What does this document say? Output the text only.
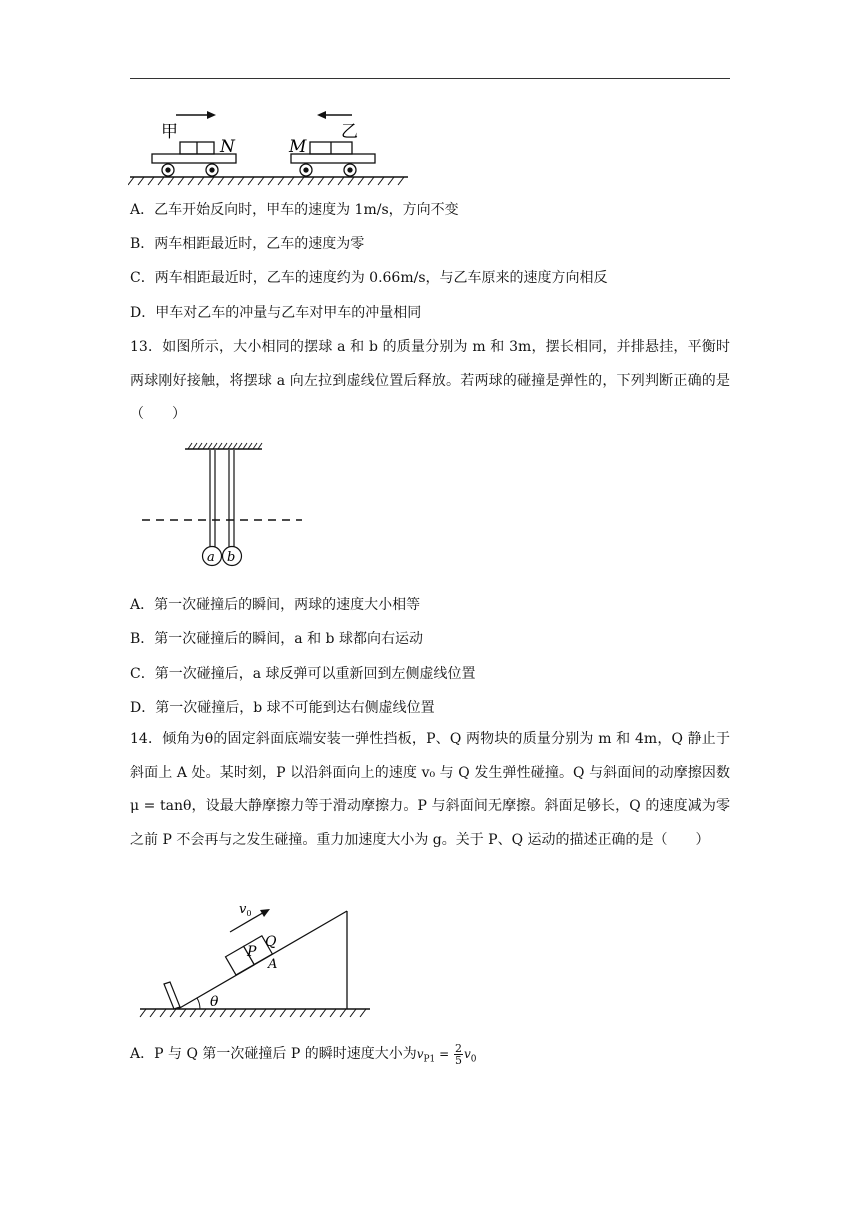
甲
N	M
乙
A．乙车开始反向时，甲车的速度为 1m/s，方向不变
B．两车相距最近时，乙车的速度为零
C．两车相距最近时，乙车的速度约为 0.66m/s，与乙车原来的速度方向相反
D．甲车对乙车的冲量与乙车对甲车的冲量相同
13．如图所示，大小相同的摆球 a 和 b 的质量分别为 m 和 3m，摆长相同，并排悬挂，平衡时两球刚好接触，将摆球 a 向左拉到虚线位置后释放。若两球的碰撞是弹性的，下列判断正确的是（　　）
a b
A．第一次碰撞后的瞬间，两球的速度大小相等
B．第一次碰撞后的瞬间，a 和 b 球都向右运动
C．第一次碰撞后，a 球反弹可以重新回到左侧虚线位置
D．第一次碰撞后，b 球不可能到达右侧虚线位置
14．倾角为θ的固定斜面底端安装一弹性挡板，P、Q 两物块的质量分别为 m 和 4m，Q 静止于斜面上 A 处。某时刻，P 以沿斜面向上的速度 v₀ 与 Q 发生弹性碰撞。Q 与斜面间的动摩擦因数 μ = tanθ，设最大静摩擦力等于滑动摩擦力。P 与斜面间无摩擦。斜面足够长，Q 的速度减为零之前 P 不会再与之发生碰撞。重力加速度大小为 g。关于 P、Q 运动的描述正确的是（　　）
θ
P
Q
A
$v_0$
A．P 与 Q 第一次碰撞后 P 的瞬时速度大小为$v_{P1} = \frac{2}{5} v_0$
